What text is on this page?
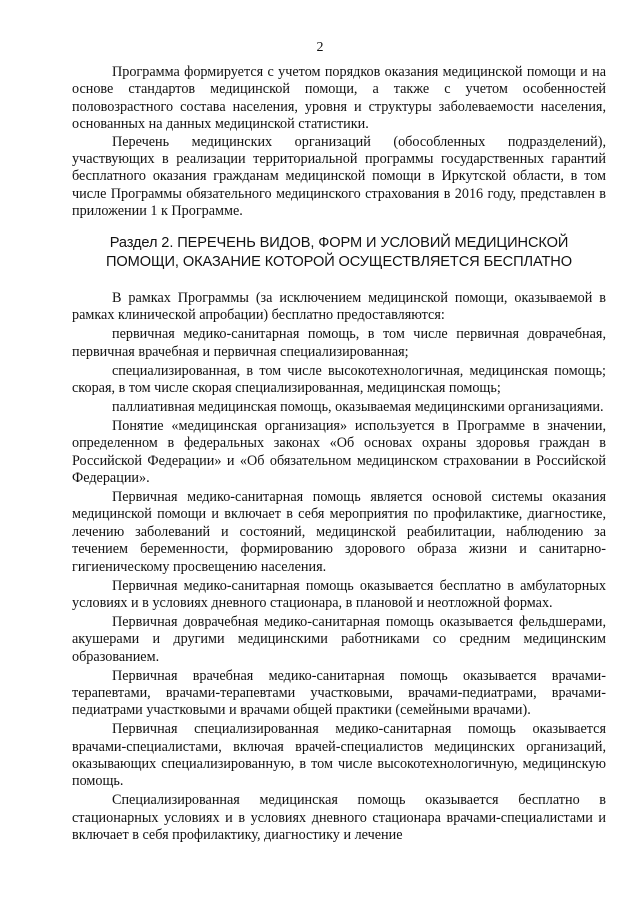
2

Программа формируется с учетом порядков оказания медицинской помощи и на основе стандартов медицинской помощи, а также с учетом особенностей половозрастного состава населения, уровня и структуры заболеваемости населения, основанных на данных медицинской статистики.

Перечень медицинских организаций (обособленных подразделений), участвующих в реализации территориальной программы государственных гарантий бесплатного оказания гражданам медицинской помощи в Иркутской области, в том числе Программы обязательного медицинского страхования в 2016 году, представлен в приложении 1 к Программе.

Раздел 2. ПЕРЕЧЕНЬ ВИДОВ, ФОРМ И УСЛОВИЙ МЕДИЦИНСКОЙ
ПОМОЩИ, ОКАЗАНИЕ КОТОРОЙ ОСУЩЕСТВЛЯЕТСЯ БЕСПЛАТНО

В рамках Программы (за исключением медицинской помощи, оказываемой в рамках клинической апробации) бесплатно предоставляются:

первичная медико-санитарная помощь, в том числе первичная доврачебная, первичная врачебная и первичная специализированная;

специализированная, в том числе высокотехнологичная, медицинская помощь; скорая, в том числе скорая специализированная, медицинская помощь;

паллиативная медицинская помощь, оказываемая медицинскими организациями.

Понятие «медицинская организация» используется в Программе в значении, определенном в федеральных законах «Об основах охраны здоровья граждан в Российской Федерации» и «Об обязательном медицинском страховании в Российской Федерации».

Первичная медико-санитарная помощь является основой системы оказания медицинской помощи и включает в себя мероприятия по профилактике, диагностике, лечению заболеваний и состояний, медицинской реабилитации, наблюдению за течением беременности, формированию здорового образа жизни и санитарно-гигиеническому просвещению населения.

Первичная медико-санитарная помощь оказывается бесплатно в амбулаторных условиях и в условиях дневного стационара, в плановой и неотложной формах.

Первичная доврачебная медико-санитарная помощь оказывается фельдшерами, акушерами и другими медицинскими работниками со средним медицинским образованием.

Первичная врачебная медико-санитарная помощь оказывается врачами-терапевтами, врачами-терапевтами участковыми, врачами-педиатрами, врачами-педиатрами участковыми и врачами общей практики (семейными врачами).

Первичная специализированная медико-санитарная помощь оказывается врачами-специалистами, включая врачей-специалистов медицинских организаций, оказывающих специализированную, в том числе высокотехнологичную, медицинскую помощь.

Специализированная медицинская помощь оказывается бесплатно в стационарных условиях и в условиях дневного стационара врачами-специалистами и включает в себя профилактику, диагностику и лечение
